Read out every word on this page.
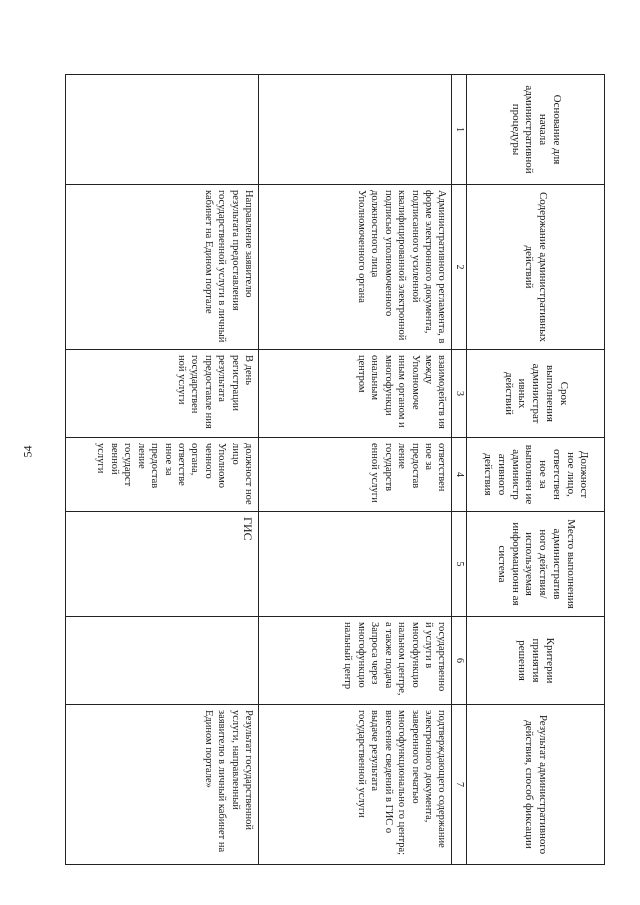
54
Основание для начала административной процедуры	Содержание административных действий	Срок выполнения администрат ивных действий	Должност ное лицо, ответствен ное за выполнен ие администр ативного действия	Место выполнения административ ного действия/ используемая информационн ая система	Критерии принятия решения	Результат административного действия, способ фиксации
1	2	3	4	5	6	7
	Административного регламента, в форме электронного документа, подписанного усиленной квалифицированной электронной подписью уполномоченного должностного лица Уполномоченного органа	взаимодейств ия между Уполномоче нным органом и многофункци ональным центром	ответствен ное за предостав ление государств енной услуги		государственно й услуги в многофункцио нальном центре, а также подача Запроса через многофункцио нальный центр	подтверждающего содержание электронного документа, заверенного печатью многофункционально го центра; внесение сведений в ГИС о выдаче результата государственной услуги
	Направление заявителю результата предоставления государственной услуги в личный кабинет на Едином портале	В день регистрации результата предоставле ния государствен ной услуги	должност ное лицо Уполномо ченного органа, ответстве нное за предостав ление государст венной услуги	ГИС		Результат государственной услуги, направленный заявителю в личный кабинет на Едином портале»
